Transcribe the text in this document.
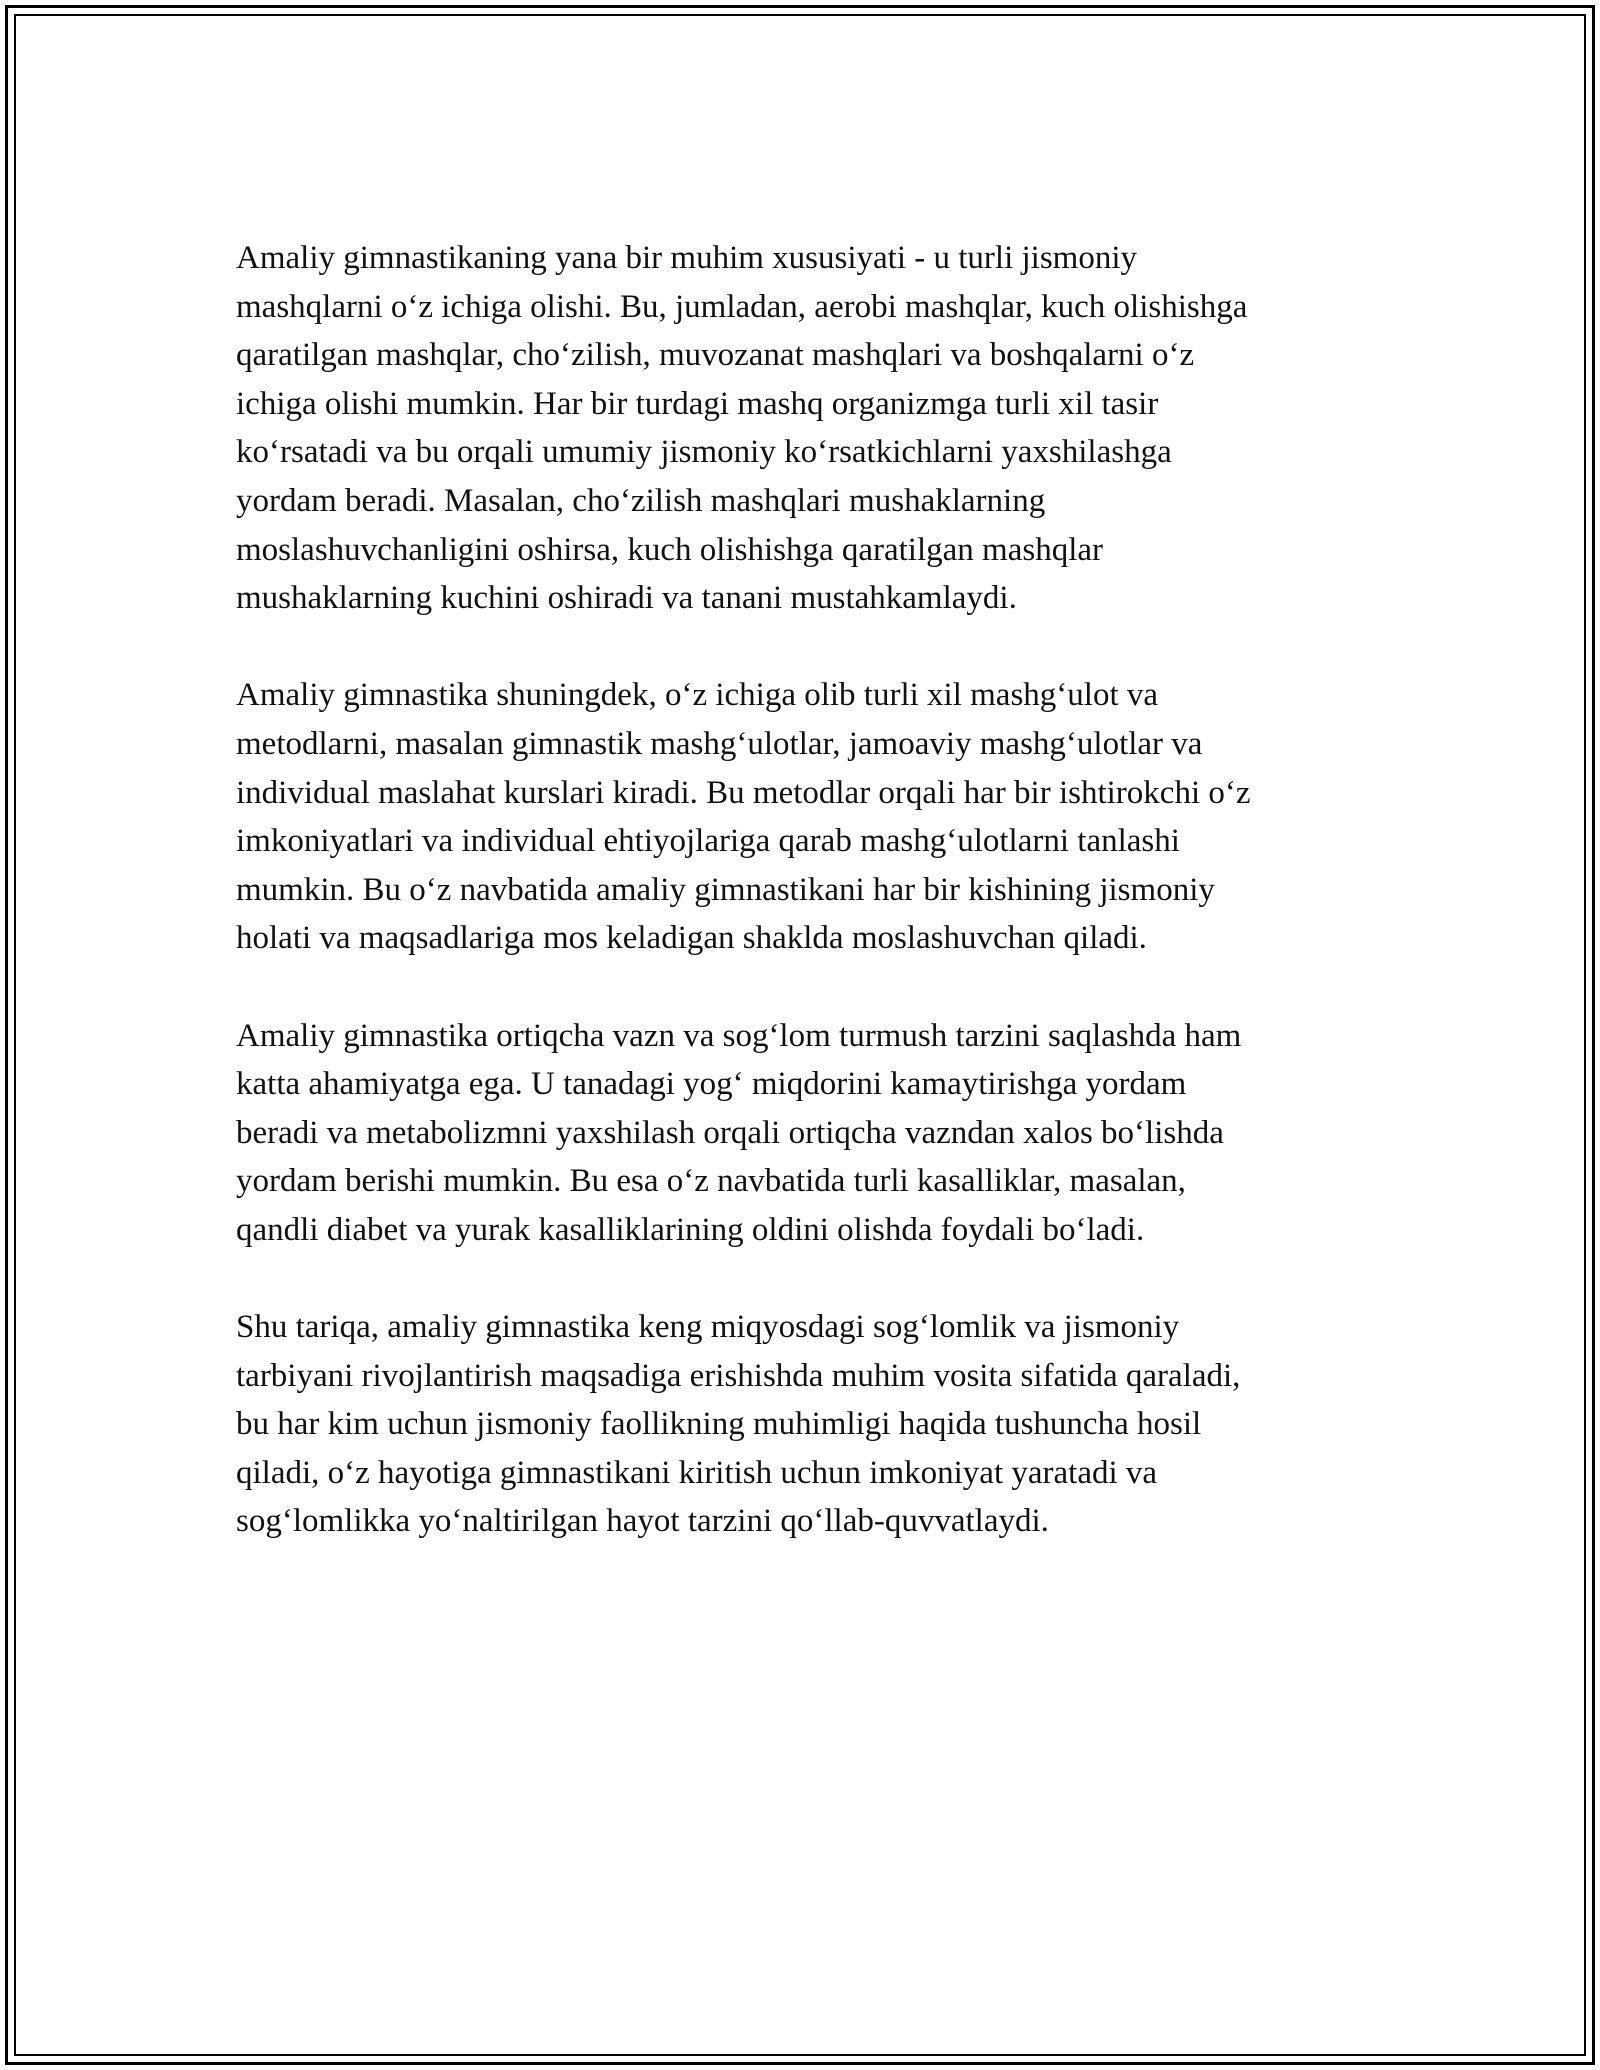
Amaliy gimnastikaning yana bir muhim xususiyati - u turli jismoniy
mashqlarni o‘z ichiga olishi. Bu, jumladan, aerobi mashqlar, kuch olishishga
qaratilgan mashqlar, cho‘zilish, muvozanat mashqlari va boshqalarni o‘z
ichiga olishi mumkin. Har bir turdagi mashq organizmga turli xil tasir
ko‘rsatadi va bu orqali umumiy jismoniy ko‘rsatkichlarni yaxshilashga
yordam beradi. Masalan, cho‘zilish mashqlari mushaklarning
moslashuvchanligini oshirsa, kuch olishishga qaratilgan mashqlar
mushaklarning kuchini oshiradi va tanani mustahkamlaydi.

Amaliy gimnastika shuningdek, o‘z ichiga olib turli xil mashg‘ulot va
metodlarni, masalan gimnastik mashg‘ulotlar, jamoaviy mashg‘ulotlar va
individual maslahat kurslari kiradi. Bu metodlar orqali har bir ishtirokchi o‘z
imkoniyatlari va individual ehtiyojlariga qarab mashg‘ulotlarni tanlashi
mumkin. Bu o‘z navbatida amaliy gimnastikani har bir kishining jismoniy
holati va maqsadlariga mos keladigan shaklda moslashuvchan qiladi.

Amaliy gimnastika ortiqcha vazn va sog‘lom turmush tarzini saqlashda ham
katta ahamiyatga ega. U tanadagi yog‘ miqdorini kamaytirishga yordam
beradi va metabolizmni yaxshilash orqali ortiqcha vazndan xalos bo‘lishda
yordam berishi mumkin. Bu esa o‘z navbatida turli kasalliklar, masalan,
qandli diabet va yurak kasalliklarining oldini olishda foydali bo‘ladi.

Shu tariqa, amaliy gimnastika keng miqyosdagi sog‘lomlik va jismoniy
tarbiyani rivojlantirish maqsadiga erishishda muhim vosita sifatida qaraladi,
bu har kim uchun jismoniy faollikning muhimligi haqida tushuncha hosil
qiladi, o‘z hayotiga gimnastikani kiritish uchun imkoniyat yaratadi va
sog‘lomlikka yo‘naltirilgan hayot tarzini qo‘llab-quvvatlaydi.
